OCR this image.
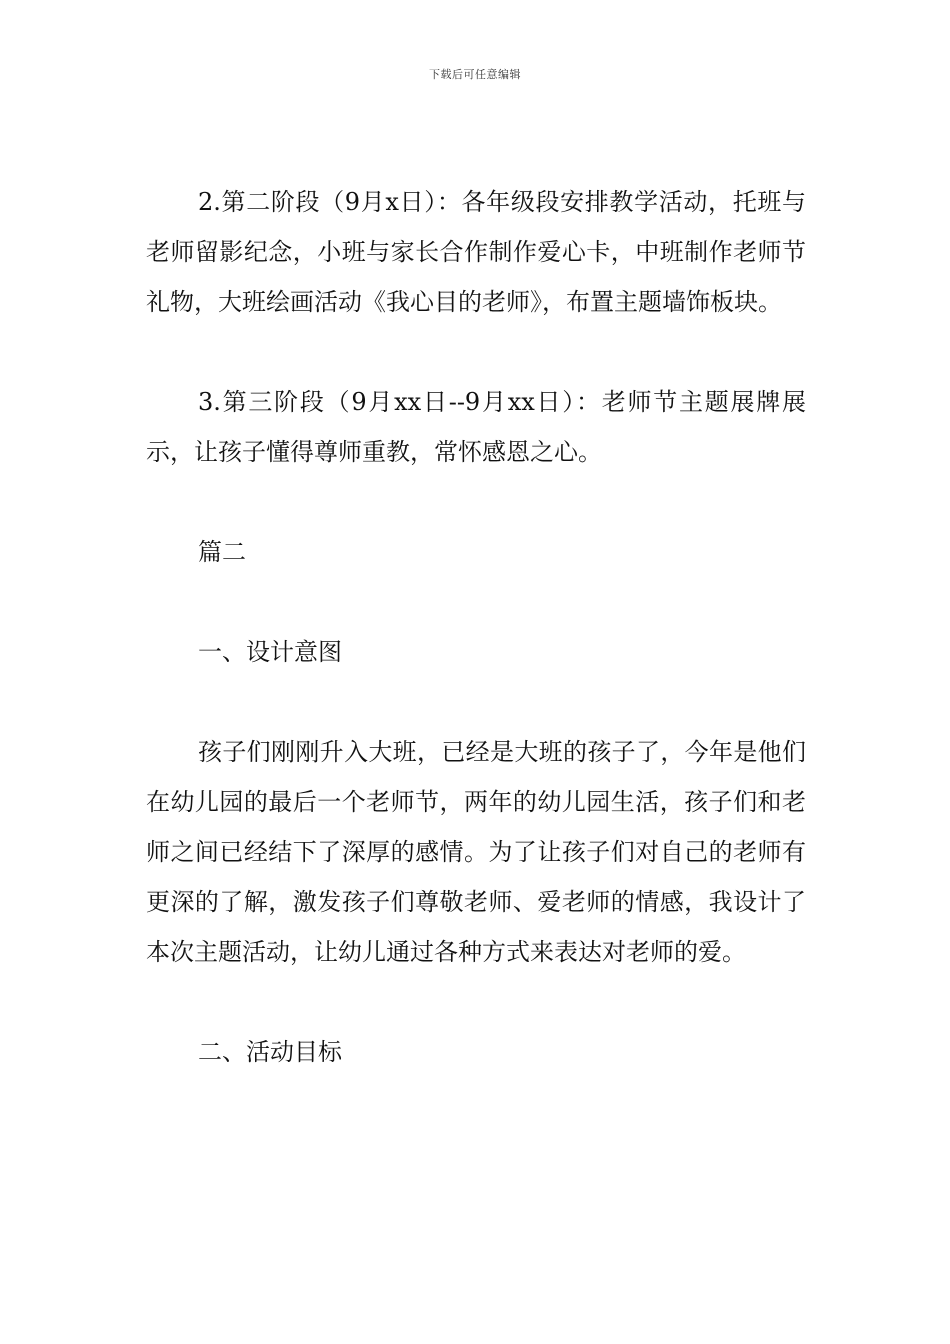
下载后可任意编辑

2.第二阶段（9月x日）：各年级段安排教学活动，托班与老师留影纪念，小班与家长合作制作爱心卡，中班制作老师节礼物，大班绘画活动《我心目的老师》，布置主题墙饰板块。

3.第三阶段（9月xx日--9月xx日）：老师节主题展牌展示，让孩子懂得尊师重教，常怀感恩之心。

篇二

一、设计意图

孩子们刚刚升入大班，已经是大班的孩子了，今年是他们在幼儿园的最后一个老师节，两年的幼儿园生活，孩子们和老师之间已经结下了深厚的感情。为了让孩子们对自己的老师有更深的了解，激发孩子们尊敬老师、爱老师的情感，我设计了本次主题活动，让幼儿通过各种方式来表达对老师的爱。

二、活动目标
